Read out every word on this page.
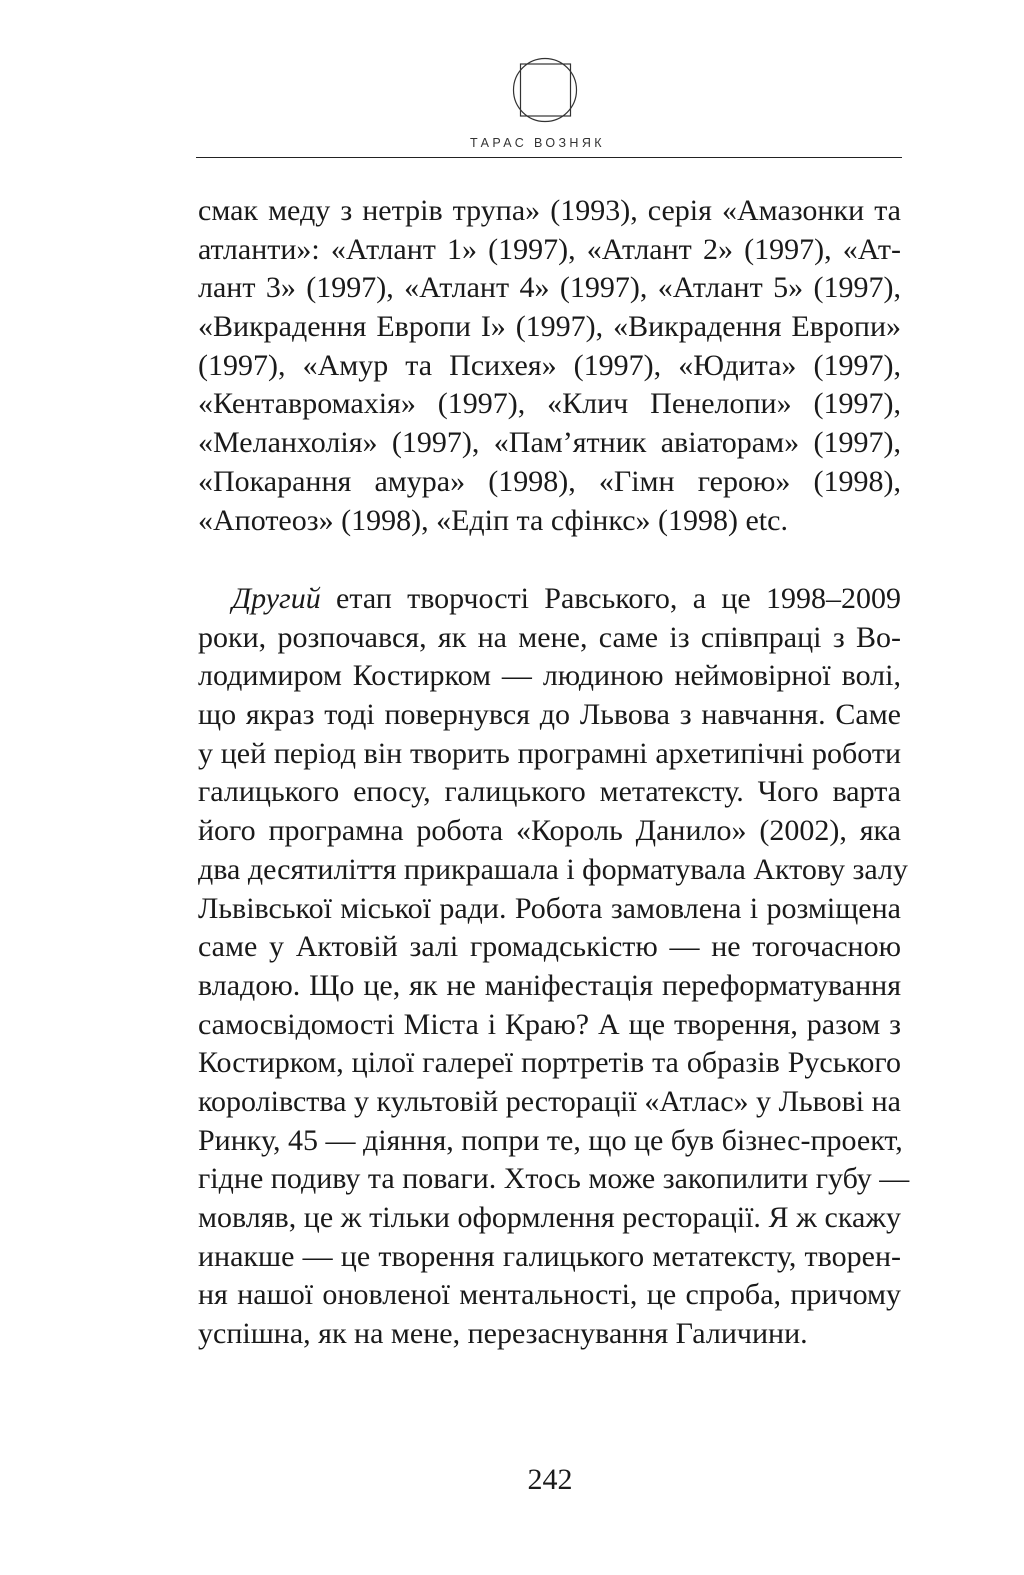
ТАРАС ВОЗНЯК
смак меду з нетрів трупа» (1993), серія «Амазонки та
атланти»: «Атлант 1» (1997), «Атлант 2» (1997), «Ат-
лант 3» (1997), «Атлант 4» (1997), «Атлант 5» (1997),
«Викрадення Европи І» (1997), «Викрадення Европи»
(1997), «Амур та Психея» (1997), «Юдита» (1997),
«Кентавромахія» (1997), «Клич Пенелопи» (1997),
«Меланхолія» (1997), «Пам’ятник авіаторам» (1997),
«Покарання амура» (1998), «Гімн герою» (1998),
«Апотеоз» (1998), «Едіп та сфінкс» (1998) etc.
Другий етап творчості Равського, а це 1998–2009
роки, розпочався, як на мене, саме із співпраці з Во-
лодимиром Костирком — людиною неймовірної волі,
що якраз тоді повернувся до Львова з навчання. Саме
у цей період він творить програмні архетипічні роботи
галицького епосу, галицького метатексту. Чого варта
його програмна робота «Король Данило» (2002), яка
два десятиліття прикрашала і форматувала Актову залу
Львівської міської ради. Робота замовлена і розміщена
саме у Актовій залі громадськістю — не тогочасною
владою. Що це, як не маніфестація переформатування
самосвідомості Міста і Краю? А ще творення, разом з
Костирком, цілої галереї портретів та образів Руського
королівства у культовій ресторації «Атлас» у Львові на
Ринку, 45 — діяння, попри те, що це був бізнес-проект,
гідне подиву та поваги. Хтось може закопилити губу —
мовляв, це ж тільки оформлення ресторації. Я ж скажу
инакше — це творення галицького метатексту, творен-
ня нашої оновленої ментальності, це спроба, причому
успішна, як на мене, перезаснування Галичини.
242
